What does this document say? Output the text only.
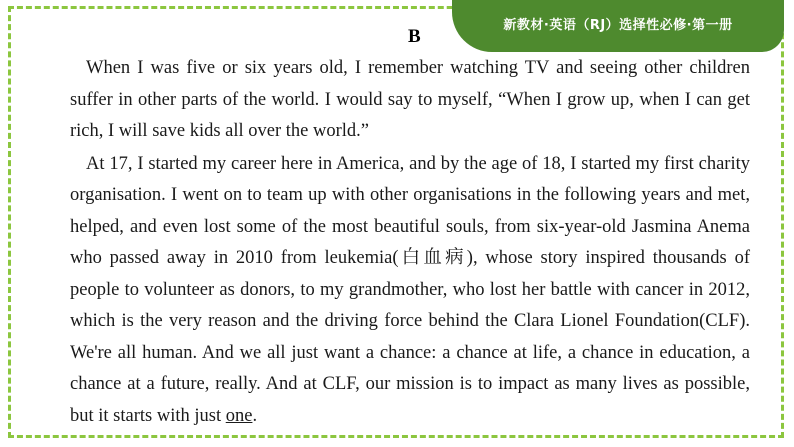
新教材·英语（RJ）选择性必修·第一册
B

When I was five or six years old, I remember watching TV and seeing other children suffer in other parts of the world. I would say to myself, “When I grow up, when I can get rich, I will save kids all over the world.”

At 17, I started my career here in America, and by the age of 18, I started my first charity organisation. I went on to team up with other organisations in the following years and met, helped, and even lost some of the most beautiful souls, from six-year-old Jasmina Anema who passed away in 2010 from leukemia(白血病), whose story inspired thousands of people to volunteer as donors, to my grandmother, who lost her battle with cancer in 2012, which is the very reason and the driving force behind the Clara Lionel Foundation(CLF). We're all human. And we all just want a chance: a chance at life, a chance in education, a chance at a future, really. And at CLF, our mission is to impact as many lives as possible, but it starts with just one.
